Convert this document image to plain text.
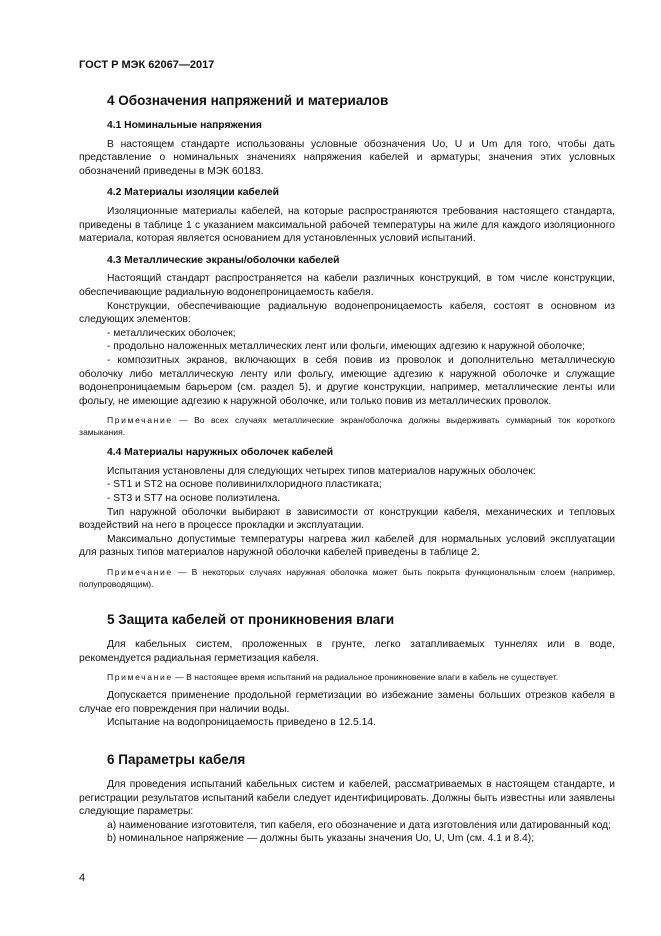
ГОСТ Р МЭК 62067—2017
4 Обозначения напряжений и материалов
4.1 Номинальные напряжения

В настоящем стандарте использованы условные обозначения Uо, U и Um для того, чтобы дать представление о номинальных значениях напряжения кабелей и арматуры; значения этих условных обозначений приведены в МЭК 60183.

4.2 Материалы изоляции кабелей

Изоляционные материалы кабелей, на которые распространяются требования настоящего стандарта, приведены в таблице 1 с указанием максимальной рабочей температуры на жиле для каждого изоляционного материала, которая является основанием для установленных условий испытаний.

4.3 Металлические экраны/оболочки кабелей

Настоящий стандарт распространяется на кабели различных конструкций, в том числе конструкции, обеспечивающие радиальную водонепроницаемость кабеля.

Конструкции, обеспечивающие радиальную водонепроницаемость кабеля, состоят в основном из следующих элементов:

- металлических оболочек;

- продольно наложенных металлических лент или фольги, имеющих адгезию к наружной оболочке;

- композитных экранов, включающих в себя повив из проволок и дополнительно металлическую оболочку либо металлическую ленту или фольгу, имеющие адгезию к наружной оболочке и служащие водонепроницаемым барьером (см. раздел 5), и другие конструкции, например, металлические ленты или фольгу, не имеющие адгезию к наружной оболочке, или только повив из металлических проволок.

Примечание — Во всех случаях металлические экран/оболочка должны выдерживать суммарный ток короткого замыкания.
4.4 Материалы наружных оболочек кабелей

Испытания установлены для следующих четырех типов материалов наружных оболочек:

- ST1 и ST2 на основе поливинилхлоридного пластиката;

- ST3 и ST7 на основе полиэтилена.

Тип наружной оболочки выбирают в зависимости от конструкции кабеля, механических и тепловых воздействий на него в процессе прокладки и эксплуатации.

Максимально допустимые температуры нагрева жил кабелей для нормальных условий эксплуатации для разных типов материалов наружной оболочки кабелей приведены в таблице 2.

Примечание — В некоторых случаях наружная оболочка может быть покрыта функциональным слоем (например, полупроводящим).
5 Защита кабелей от проникновения влаги

Для кабельных систем, проложенных в грунте, легко затапливаемых туннелях или в воде, рекомендуется радиальная герметизация кабеля.

Примечание — В настоящее время испытаний на радиальное проникновение влаги в кабель не существует.

Допускается применение продольной герметизации во избежание замены больших отрезков кабеля в случае его повреждения при наличии воды.

Испытание на водопроницаемость приведено в 12.5.14.

6 Параметры кабеля

Для проведения испытаний кабельных систем и кабелей, рассматриваемых в настоящем стандарте, и регистрации результатов испытаний кабели следует идентифицировать. Должны быть известны или заявлены следующие параметры:

а) наименование изготовителя, тип кабеля, его обозначение и дата изготовления или датированный код;

b) номинальное напряжение — должны быть указаны значения Uо, U, Um (см. 4.1 и 8.4);

4
